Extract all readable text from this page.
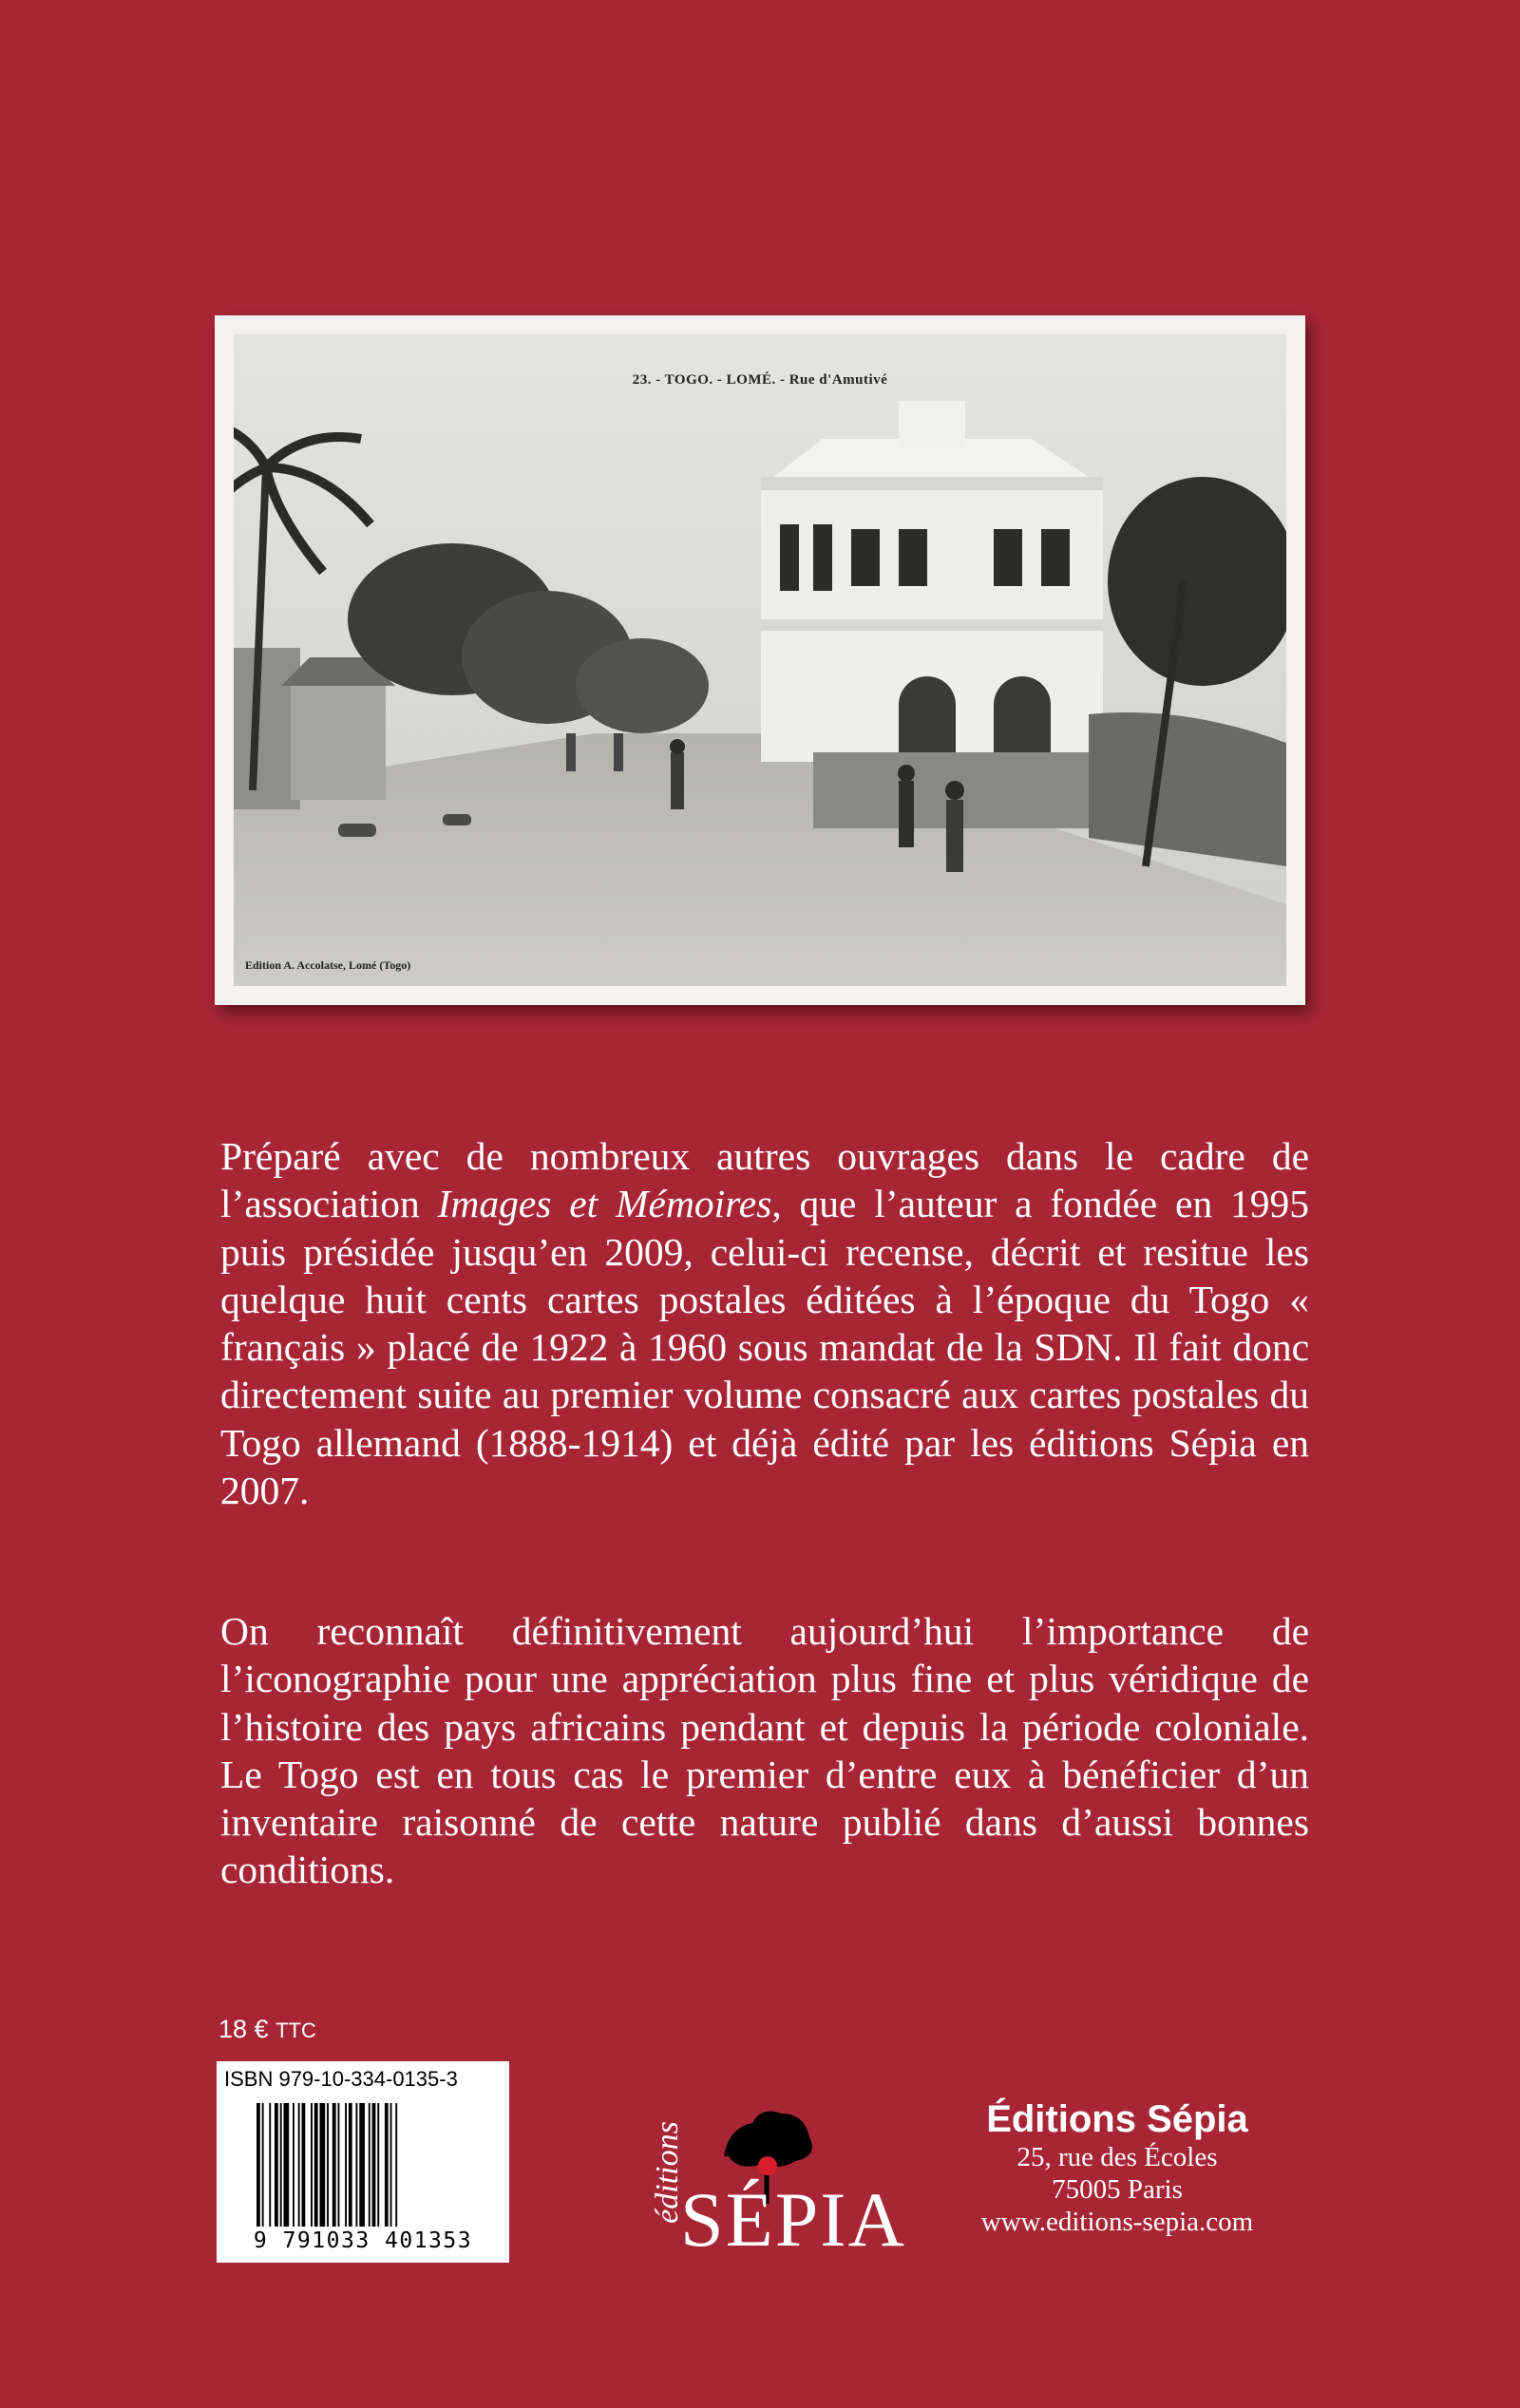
23. - TOGO. - LOMÉ. - Rue d'Amutivé
Edition A. Accolatse, Lomé (Togo)

Préparé avec de nombreux autres ouvrages dans le cadre de l’association Images et Mémoires, que l’auteur a fondée en 1995 puis présidée jusqu’en 2009, celui-ci recense, décrit et resitue les quelque huit cents cartes postales éditées à l’époque du Togo « français » placé de 1922 à 1960 sous mandat de la SDN. Il fait donc directement suite au premier volume consacré aux cartes postales du Togo allemand (1888-1914) et déjà édité par les éditions Sépia en 2007.

On reconnaît définitivement aujourd’hui l’importance de l’iconographie pour une appréciation plus fine et plus véridique de l’histoire des pays africains pendant et depuis la période coloniale. Le Togo est en tous cas le premier d’entre eux à bénéficier d’un inventaire raisonné de cette nature publié dans d’aussi bonnes conditions.

18 € TTC
ISBN 979-10-334-0135-3
9 791033 401353
éditions
SÉPIA
Éditions Sépia
25, rue des Écoles
75005 Paris
www.editions-sepia.com
